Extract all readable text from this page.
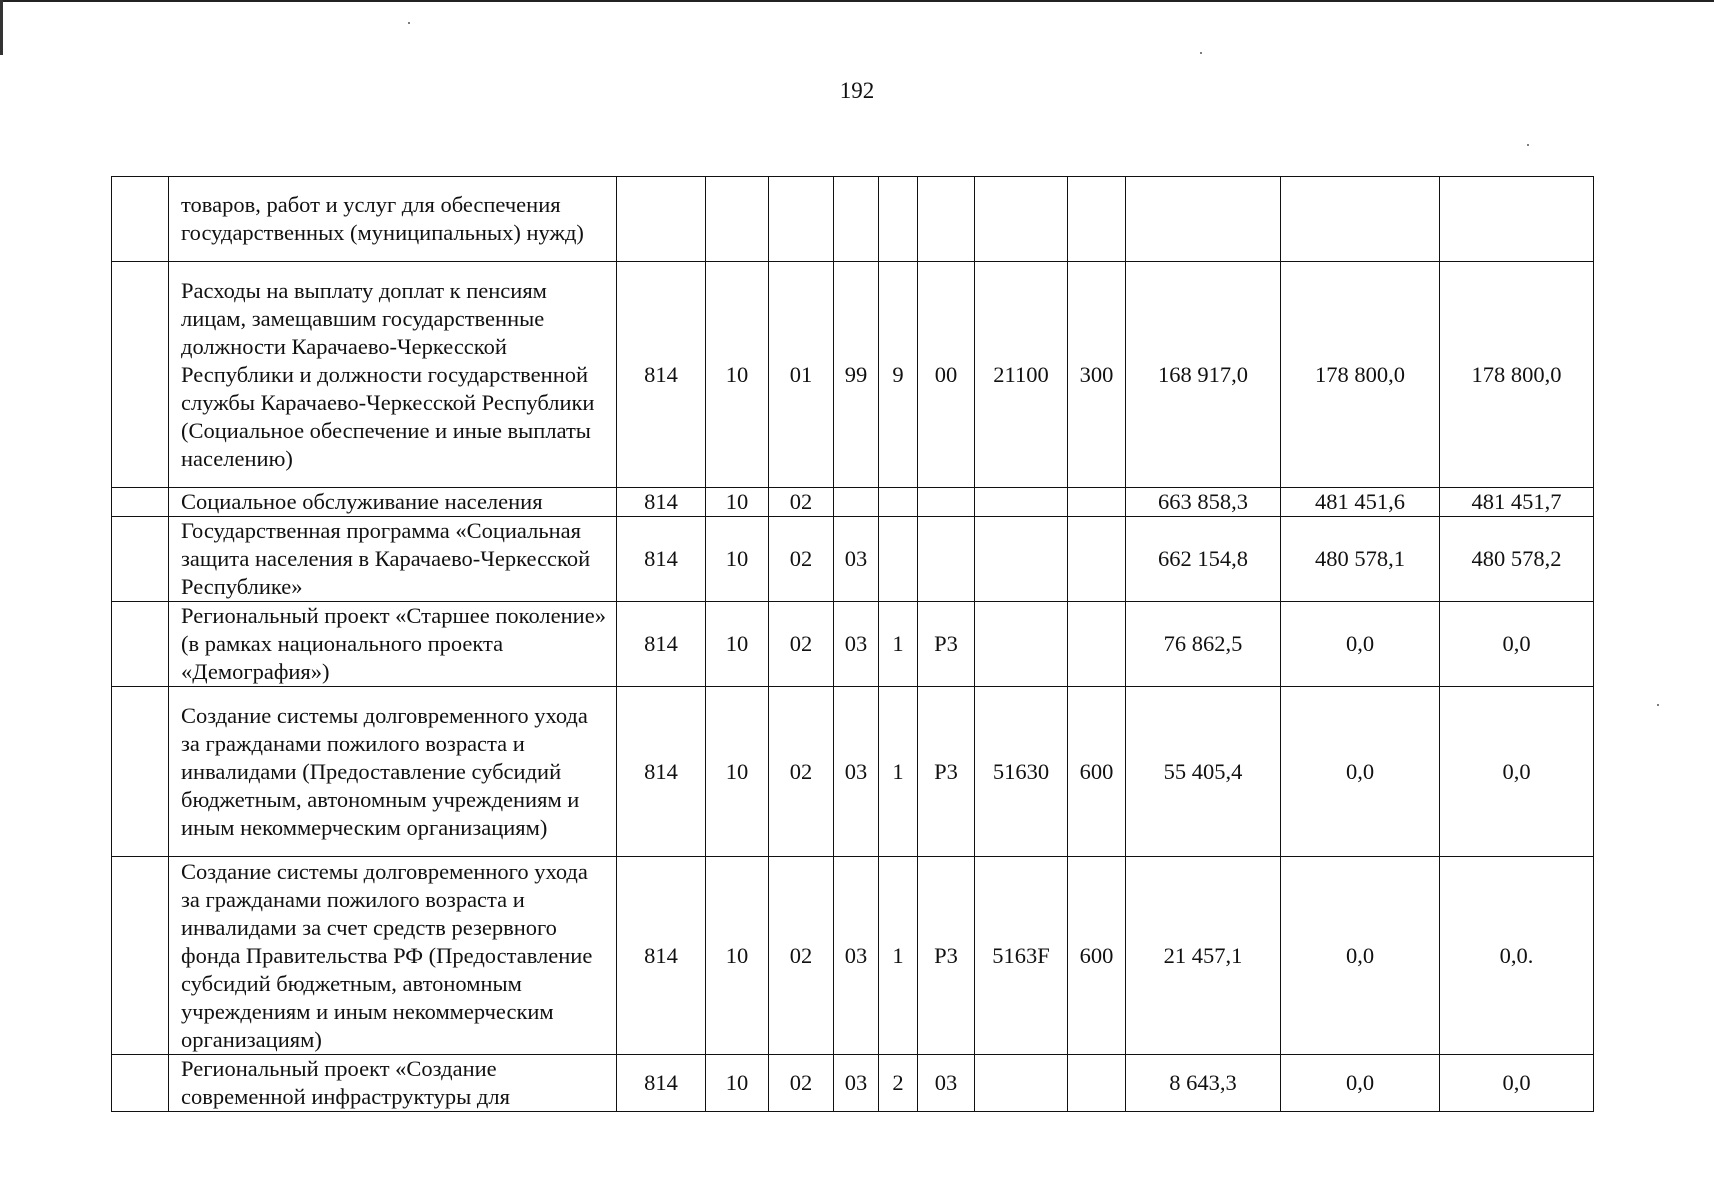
192
	товаров, работ и услуг для обеспечения государственных (муниципальных) нужд)											
	Расходы на выплату доплат к пенсиям лицам, замещавшим государственные должности Карачаево-Черкесской Республики и должности государственной службы Карачаево-Черкесской Республики (Социальное обеспечение и иные выплаты населению)	814	10	01	99	9	00	21100	300	168 917,0	178 800,0	178 800,0
	Социальное обслуживание населения	814	10	02						663 858,3	481 451,6	481 451,7
	Государственная программа «Социальная защита населения в Карачаево-Черкесской Республике»	814	10	02	03					662 154,8	480 578,1	480 578,2
	Региональный проект «Старшее поколение» (в рамках национального проекта «Демография»)	814	10	02	03	1	P3			76 862,5	0,0	0,0
	Создание системы долговременного ухода за гражданами пожилого возраста и инвалидами (Предоставление субсидий бюджетным, автономным учреждениям и иным некоммерческим организациям)	814	10	02	03	1	P3	51630	600	55 405,4	0,0	0,0
	Создание системы долговременного ухода за гражданами пожилого возраста и инвалидами за счет средств резервного фонда Правительства РФ (Предоставление субсидий бюджетным, автономным учреждениям и иным некоммерческим организациям)	814	10	02	03	1	P3	5163F	600	21 457,1	0,0	0,0.
	Региональный проект «Создание современной инфраструктуры для	814	10	02	03	2	03			8 643,3	0,0	0,0
